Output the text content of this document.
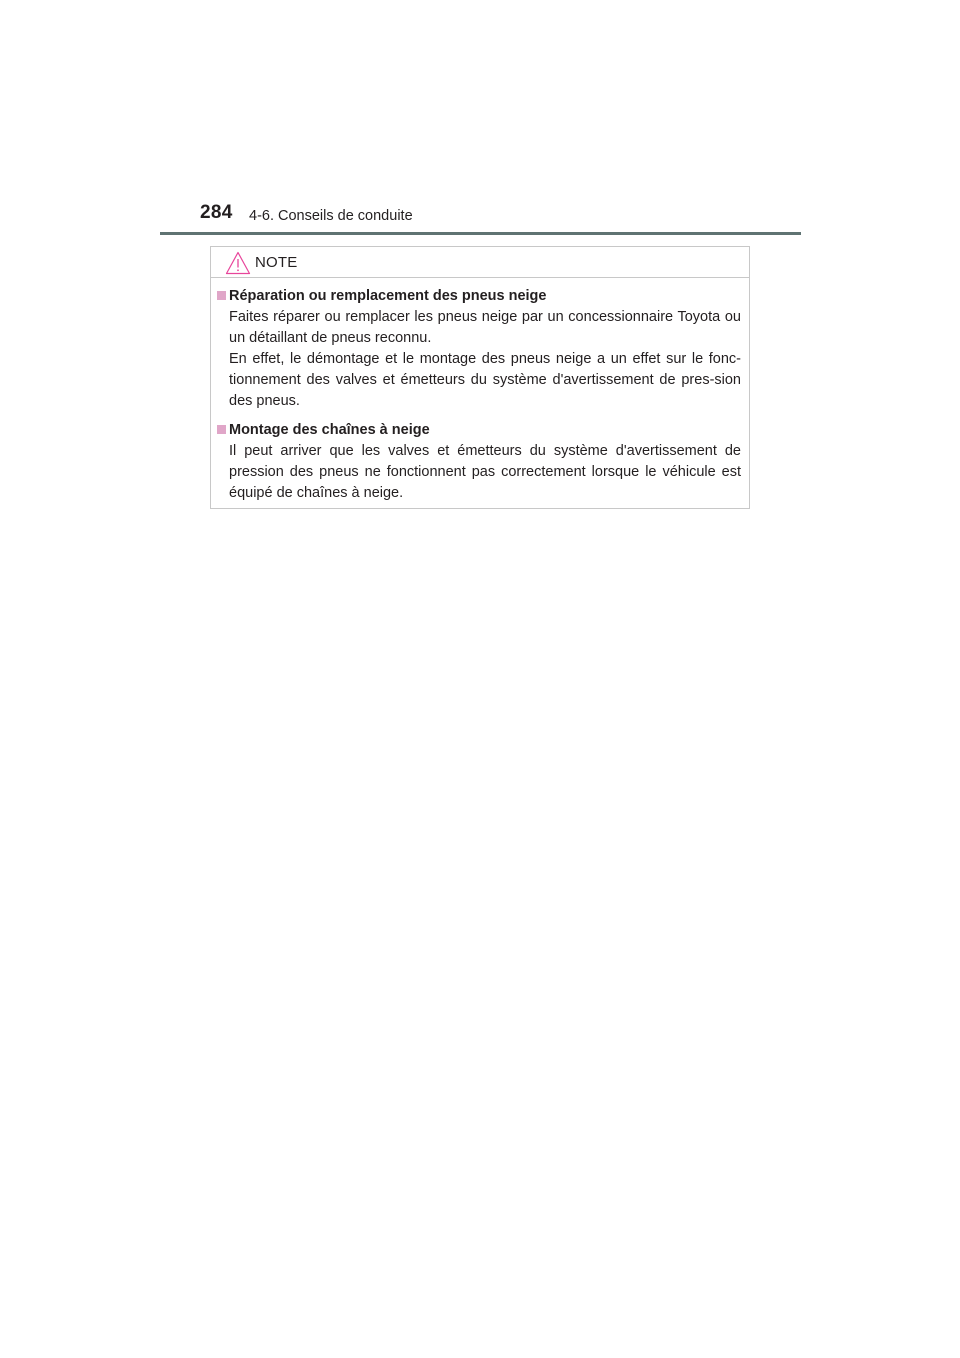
284 4-6. Conseils de conduite
NOTE
Réparation ou remplacement des pneus neige

Faites réparer ou remplacer les pneus neige par un concessionnaire Toyota ou un détaillant de pneus reconnu.

En effet, le démontage et le montage des pneus neige a un effet sur le fonc-tionnement des valves et émetteurs du système d'avertissement de pres-sion des pneus.

Montage des chaînes à neige

Il peut arriver que les valves et émetteurs du système d'avertissement de pression des pneus ne fonctionnent pas correctement lorsque le véhicule est équipé de chaînes à neige.
